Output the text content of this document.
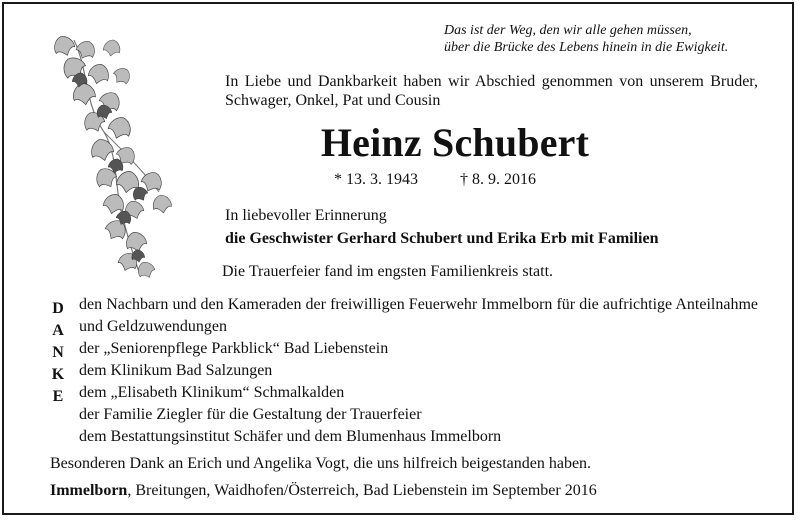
Das ist der Weg, den wir alle gehen müssen,
über die Brücke des Lebens hinein in die Ewigkeit.
In Liebe und Dankbarkeit haben wir Abschied genommen von unserem Bruder, Schwager, Onkel, Pat und Cousin
Heinz Schubert
* 13. 3. 1943	† 8. 9. 2016
In liebevoller Erinnerung
die Geschwister Gerhard Schubert und Erika Erb mit Familien
Die Trauerfeier fand im engsten Familienkreis statt.
D
A
N
K
E
den Nachbarn und den Kameraden der freiwilligen Feuerwehr Immelborn für die aufrichtige Anteilnahme und Geldzuwendungen
der „Seniorenpflege Parkblick“ Bad Liebenstein
dem Klinikum Bad Salzungen
dem „Elisabeth Klinikum“ Schmalkalden
der Familie Ziegler für die Gestaltung der Trauerfeier
dem Bestattungsinstitut Schäfer und dem Blumenhaus Immelborn
Besonderen Dank an Erich und Angelika Vogt, die uns hilfreich beigestanden haben.
Immelborn, Breitungen, Waidhofen/Österreich, Bad Liebenstein im September 2016
